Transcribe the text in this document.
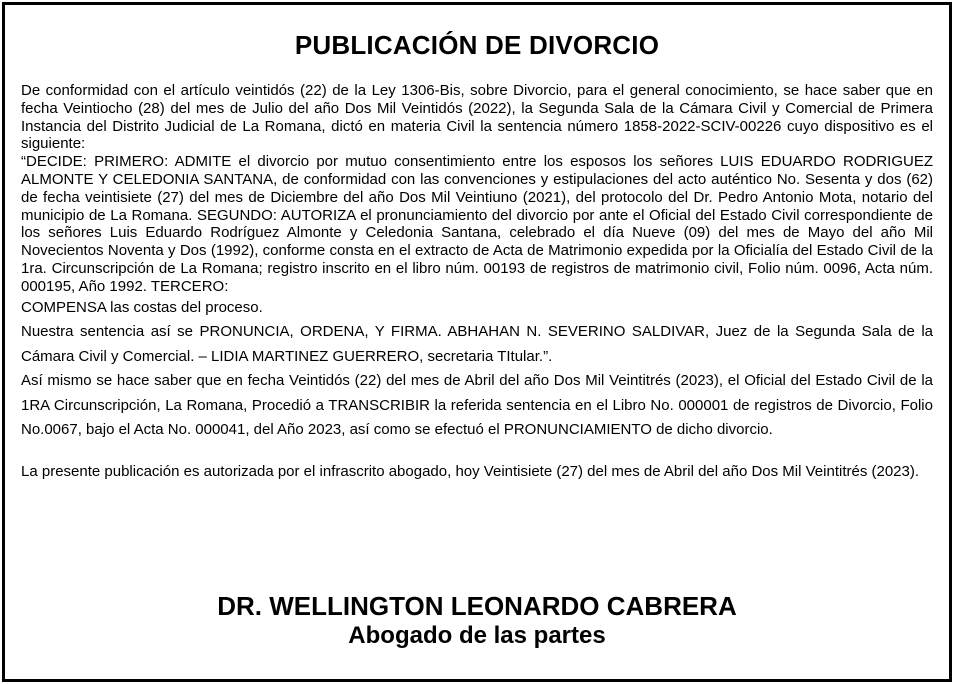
PUBLICACIÓN DE DIVORCIO

De conformidad con el artículo veintidós (22) de la Ley 1306-Bis, sobre Divorcio, para el general conocimiento, se hace saber que en fecha Veintiocho (28) del mes de Julio del año Dos Mil Veintidós (2022), la Segunda Sala de la Cámara Civil y Comercial de Primera Instancia del Distrito Judicial de La Romana, dictó en materia Civil la sentencia número 1858-2022-SCIV-00226 cuyo dispositivo es el siguiente:

“DECIDE: PRIMERO: ADMITE el divorcio por mutuo consentimiento entre los esposos los señores LUIS EDUARDO RODRIGUEZ ALMONTE Y CELEDONIA SANTANA, de conformidad con las convenciones y estipulaciones del acto auténtico No. Sesenta y dos (62) de fecha veintisiete (27) del mes de Diciembre del año Dos Mil Veintiuno (2021), del protocolo del Dr. Pedro Antonio Mota, notario del municipio de La Romana. SEGUNDO: AUTORIZA el pronunciamiento del divorcio por ante el Oficial del Estado Civil correspondiente de los señores Luis Eduardo Rodríguez Almonte y Celedonia Santana, celebrado el día Nueve (09) del mes de Mayo del año Mil Novecientos Noventa y Dos (1992), conforme consta en el extracto de Acta de Matrimonio expedida por la Oficialía del Estado Civil de la 1ra. Circunscripción de La Romana; registro inscrito en el libro núm. 00193 de registros de matrimonio civil, Folio núm. 0096, Acta núm. 000195, Año 1992. TERCERO:

COMPENSA las costas del proceso.

Nuestra sentencia así se PRONUNCIA, ORDENA, Y FIRMA. ABHAHAN N. SEVERINO SALDIVAR, Juez de la Segunda Sala de la Cámara Civil y Comercial. – LIDIA MARTINEZ GUERRERO, secretaria TItular.”.

Así mismo se hace saber que en fecha Veintidós (22) del mes de Abril del año Dos Mil Veintitrés (2023), el Oficial del Estado Civil de la 1RA Circunscripción, La Romana, Procedió a TRANSCRIBIR la referida sentencia en el Libro No. 000001 de registros de Divorcio, Folio No.0067, bajo el Acta No. 000041, del Año 2023, así como se efectuó el PRONUNCIAMIENTO de dicho divorcio.

La presente publicación es autorizada por el infrascrito abogado, hoy Veintisiete (27) del mes de Abril del año Dos Mil Veintitrés (2023).

DR. WELLINGTON LEONARDO CABRERA
Abogado de las partes
